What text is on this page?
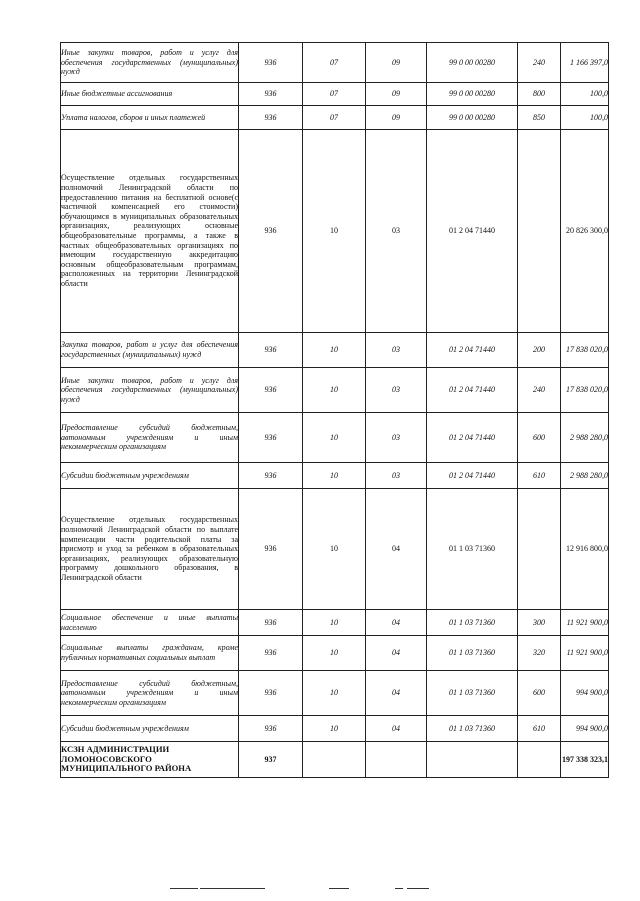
Иные закупки товаров, работ и услуг для обеспечения государственных (муниципальных) нужд	936	07	09	99 0 00 00280	240	1 166 397,0
Иные бюджетные ассигнования	936	07	09	99 0 00 00280	800	100,0
Уплата налогов, сборов и иных платежей	936	07	09	99 0 00 00280	850	100,0
Осуществление отдельных государственных полномочий Ленинградской области по предоставлению питания на бесплатной основе(с частичной компенсацией его стоимости) обучающимся в муниципальных образовательных организациях, реализующих основные общеобразовательные программы, а также в частных общеобразовательных организациях по имеющим государственную аккредитацию основным общеобразовательным программам, расположенных на территории Ленинградской области	936	10	03	01 2 04 71440		20 826 300,0
Закупка товаров, работ и услуг для обеспечения государственных (муниципальных) нужд	936	10	03	01 2 04 71440	200	17 838 020,0
Иные закупки товаров, работ и услуг для обеспечения государственных (муниципальных) нужд	936	10	03	01 2 04 71440	240	17 838 020,0
Предоставление субсидий бюджетным, автономным учреждениям и иным некоммерческим организациям	936	10	03	01 2 04 71440	600	2 988 280,0
Субсидии бюджетным учреждениям	936	10	03	01 2 04 71440	610	2 988 280,0
Осуществление отдельных государственных полномочий Ленинградской области по выплате компенсации части родительской платы за присмотр и уход за ребенком в образовательных организациях, реализующих образовательную программу дошкольного образования, в Ленинградской области	936	10	04	01 1 03 71360		12 916 800,0
Социальное обеспечение и иные выплаты населению	936	10	04	01 1 03 71360	300	11 921 900,0
Социальные выплаты гражданам, кроме публичных нормативных социальных выплат	936	10	04	01 1 03 71360	320	11 921 900,0
Предоставление субсидий бюджетным, автономным учреждениям и иным некоммерческим организациям	936	10	04	01 1 03 71360	600	994 900,0
Субсидии бюджетным учреждениям	936	10	04	01 1 03 71360	610	994 900,0
КСЗН АДМИНИСТРАЦИИ ЛОМОНОСОВСКОГО МУНИЦИПАЛЬНОГО РАЙОНА	937					197 338 323,1
